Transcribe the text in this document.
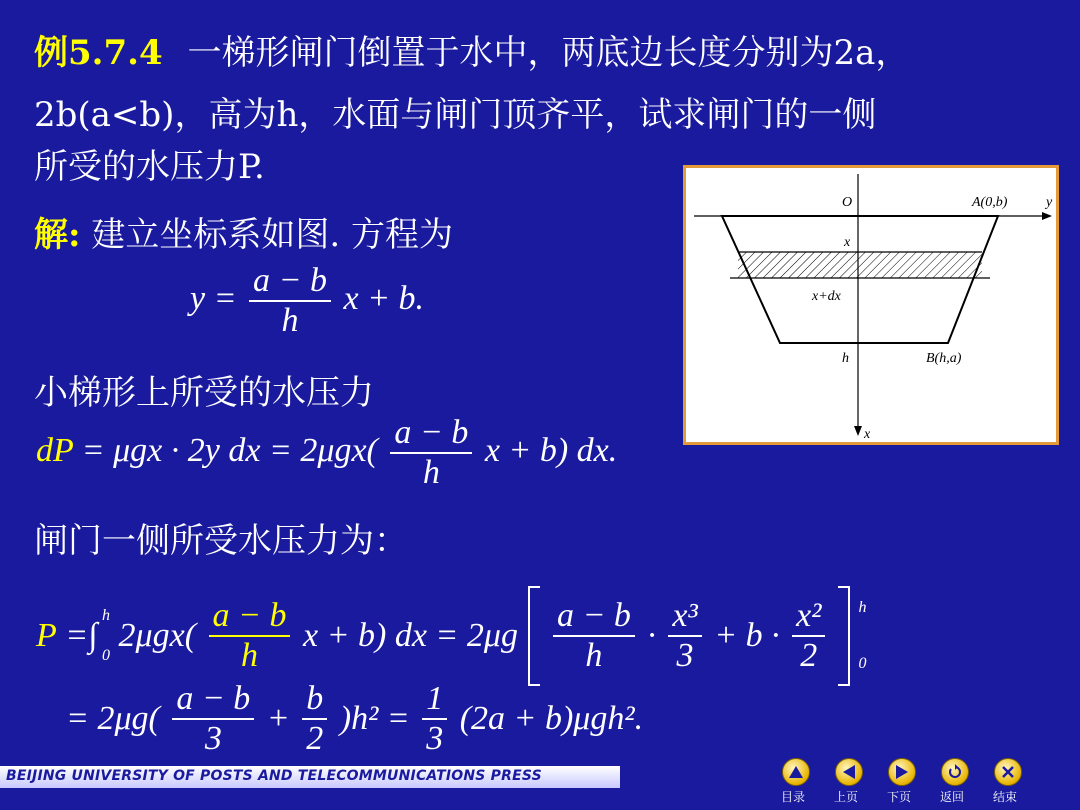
例5.7.4 一梯形闸门倒置于水中，两底边长度分别为2a，
2b(a<b)，高为h，水面与闸门顶齐平，试求闸门的一侧
所受的水压力P.
解: 建立坐标系如图. 方程为
$y = \frac{a - b}{h}$ x + b.
小梯形上所受的水压力
dP = μgx · 2y dx = $2\mu gx( \frac{a - b}{h}$ x + b) dx.
闸门一侧所受水压力为：
P =∫
h
0
$2\mu gx( \frac{a - b}{h}$ x + b) dx = $2\mu g \frac{a - b}{h} \cdot \frac{\text{x³}}{3} + b \cdot \frac{\text{x²}}{2}$
h
0
= $2\mu g( \frac{a - b}{3} + \frac{b}{2} )h^2 = \frac{1}{3} (2a + b)\mu gh^2$.
O	A(0,b)	y
x
x+dx
h	B(h,a)
x
BEIJING UNIVERSITY OF POSTS AND TELECOMMUNICATIONS PRESS
目录 上页 下页 返回 结束
